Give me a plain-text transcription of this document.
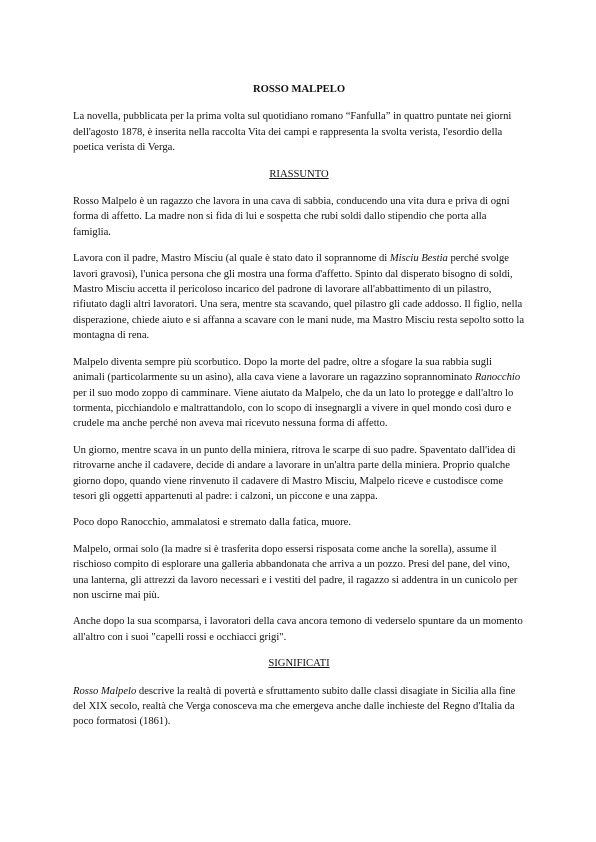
ROSSO MALPELO

La novella, pubblicata per la prima volta sul quotidiano romano “Fanfulla” in quattro puntate nei giorni dell'agosto 1878, è inserita nella raccolta Vita dei campi e rappresenta la svolta verista, l'esordio della poetica verista di Verga.

RIASSUNTO

Rosso Malpelo è un ragazzo che lavora in una cava di sabbia, conducendo una vita dura e priva di ogni forma di affetto. La madre non si fida di lui e sospetta che rubi soldi dallo stipendio che porta alla famiglia.

Lavora con il padre, Mastro Misciu (al quale è stato dato il soprannome di Misciu Bestia perché svolge lavori gravosi), l'unica persona che gli mostra una forma d'affetto. Spinto dal disperato bisogno di soldi, Mastro Misciu accetta il pericoloso incarico del padrone di lavorare all'abbattimento di un pilastro, rifiutato dagli altri lavoratori. Una sera, mentre sta scavando, quel pilastro gli cade addosso. Il figlio, nella disperazione, chiede aiuto e si affanna a scavare con le mani nude, ma Mastro Misciu resta sepolto sotto la montagna di rena.

Malpelo diventa sempre più scorbutico. Dopo la morte del padre, oltre a sfogare la sua rabbia sugli animali (particolarmente su un asino), alla cava viene a lavorare un ragazzino soprannominato Ranocchio per il suo modo zoppo di camminare. Viene aiutato da Malpelo, che da un lato lo protegge e dall'altro lo tormenta, picchiandolo e maltrattandolo, con lo scopo di insegnargli a vivere in quel mondo così duro e crudele ma anche perché non aveva mai ricevuto nessuna forma di affetto.

Un giorno, mentre scava in un punto della miniera, ritrova le scarpe di suo padre. Spaventato dall'idea di ritrovarne anche il cadavere, decide di andare a lavorare in un'altra parte della miniera. Proprio qualche giorno dopo, quando viene rinvenuto il cadavere di Mastro Misciu, Malpelo riceve e custodisce come tesori gli oggetti appartenuti al padre: i calzoni, un piccone e una zappa.

Poco dopo Ranocchio, ammalatosi e stremato dalla fatica, muore.

Malpelo, ormai solo (la madre si è trasferita dopo essersi risposata come anche la sorella), assume il rischioso compito di esplorare una galleria abbandonata che arriva a un pozzo. Presi del pane, del vino, una lanterna, gli attrezzi da lavoro necessari e i vestiti del padre, il ragazzo si addentra in un cunicolo per non uscirne mai più.

Anche dopo la sua scomparsa, i lavoratori della cava ancora temono di vederselo spuntare da un momento all'altro con i suoi "capelli rossi e occhiacci grigi".

SIGNIFICATI

Rosso Malpelo descrive la realtà di povertà e sfruttamento subito dalle classi disagiate in Sicilia alla fine del XIX secolo, realtà che Verga conosceva ma che emergeva anche dalle inchieste del Regno d'Italia da poco formatosi (1861).
